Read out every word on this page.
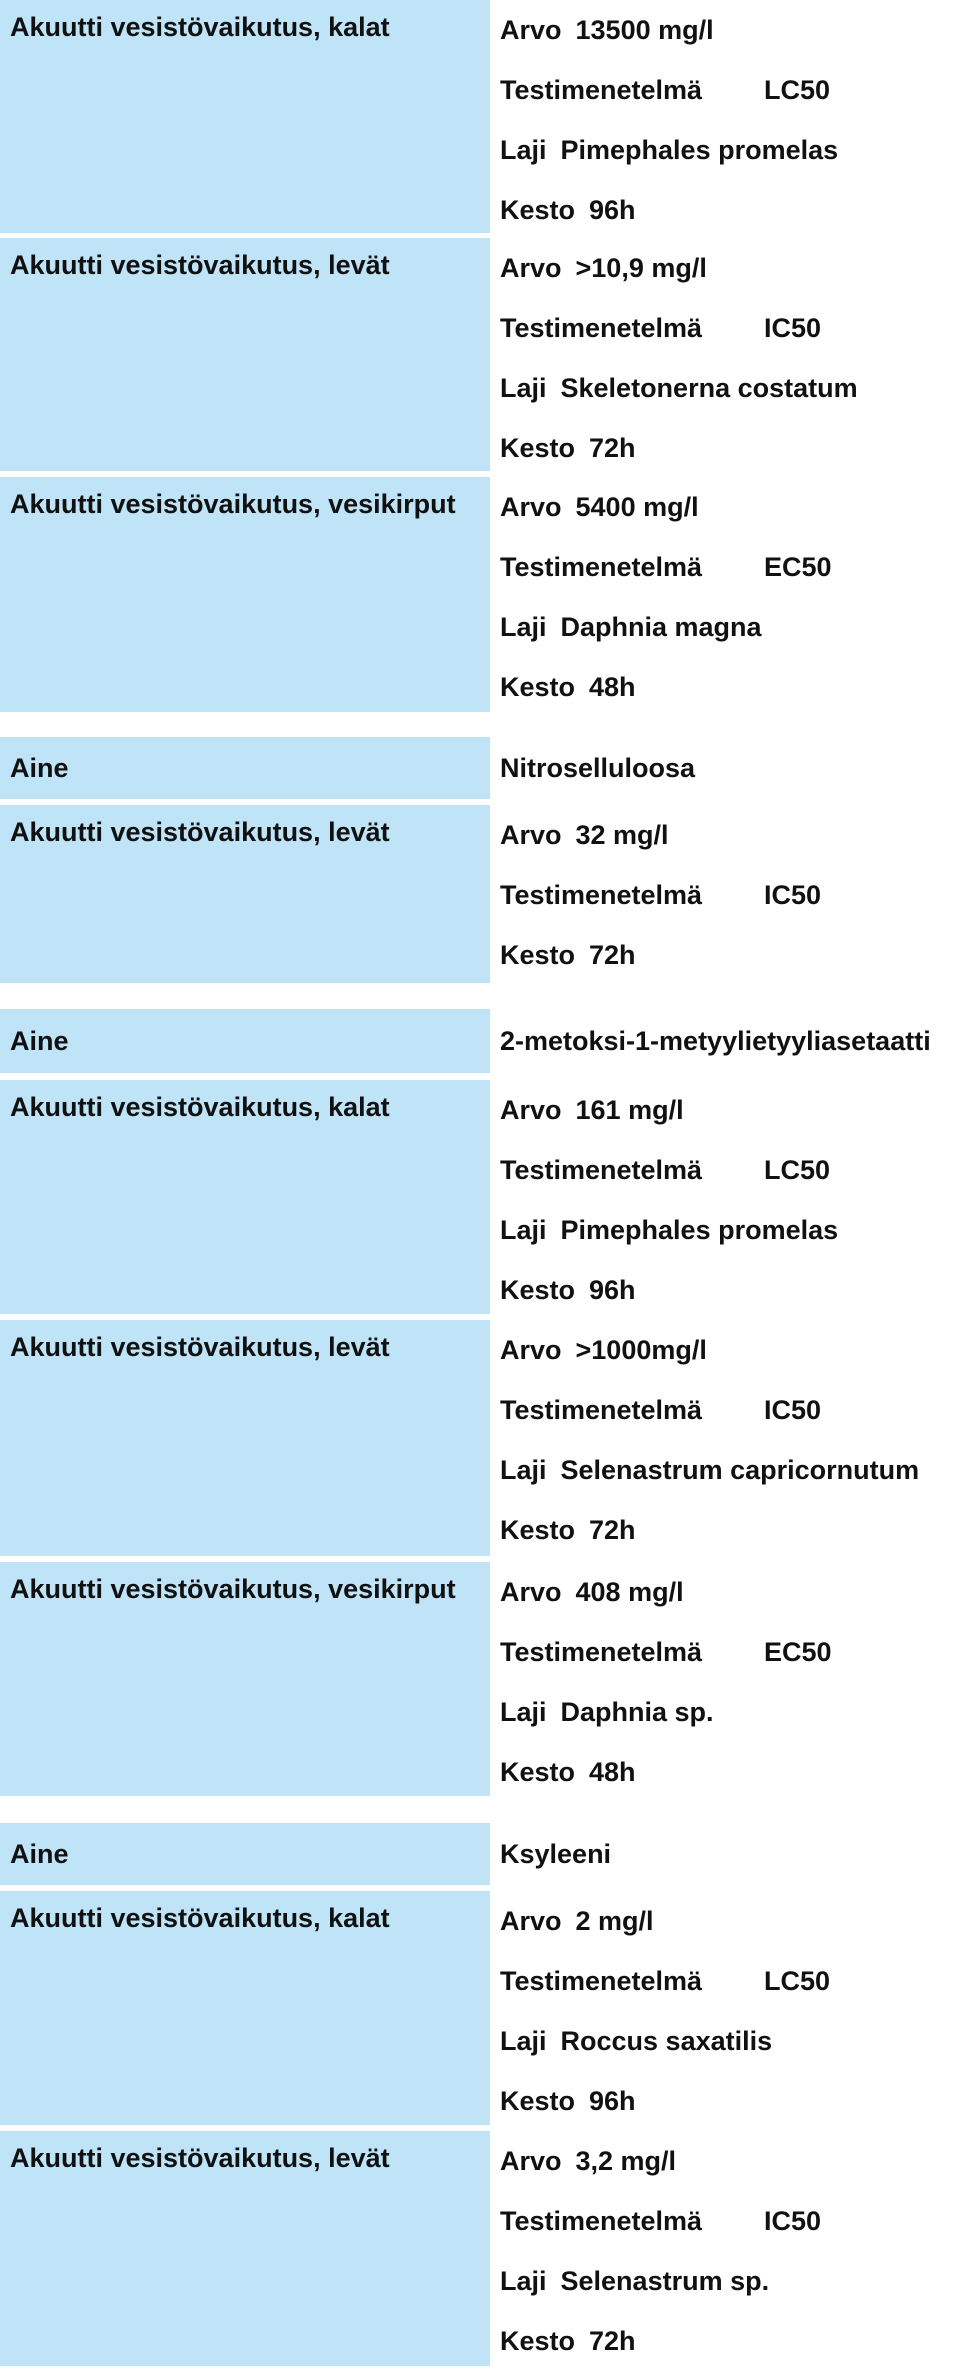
Akuutti vesistövaikutus, kalat	Arvo 13500 mg/l
Testimenetelmä	LC50
Laji Pimephales promelas
Kesto 96h
Akuutti vesistövaikutus, levät	Arvo >10,9 mg/l
Testimenetelmä	IC50
Laji Skeletonerna costatum
Kesto 72h
Akuutti vesistövaikutus, vesikirput	Arvo 5400 mg/l
Testimenetelmä	EC50
Laji Daphnia magna
Kesto 48h
Aine	Nitroselluloosa
Akuutti vesistövaikutus, levät	Arvo 32 mg/l
Testimenetelmä	IC50
Kesto 72h
Aine	2-metoksi-1-metyylietyyliasetaatti
Akuutti vesistövaikutus, kalat	Arvo 161 mg/l
Testimenetelmä	LC50
Laji Pimephales promelas
Kesto 96h
Akuutti vesistövaikutus, levät	Arvo >1000mg/l
Testimenetelmä	IC50
Laji Selenastrum capricornutum
Kesto 72h
Akuutti vesistövaikutus, vesikirput	Arvo 408 mg/l
Testimenetelmä	EC50
Laji Daphnia sp.
Kesto 48h
Aine	Ksyleeni
Akuutti vesistövaikutus, kalat	Arvo 2 mg/l
Testimenetelmä	LC50
Laji Roccus saxatilis
Kesto 96h
Akuutti vesistövaikutus, levät	Arvo 3,2 mg/l
Testimenetelmä	IC50
Laji Selenastrum sp.
Kesto 72h
